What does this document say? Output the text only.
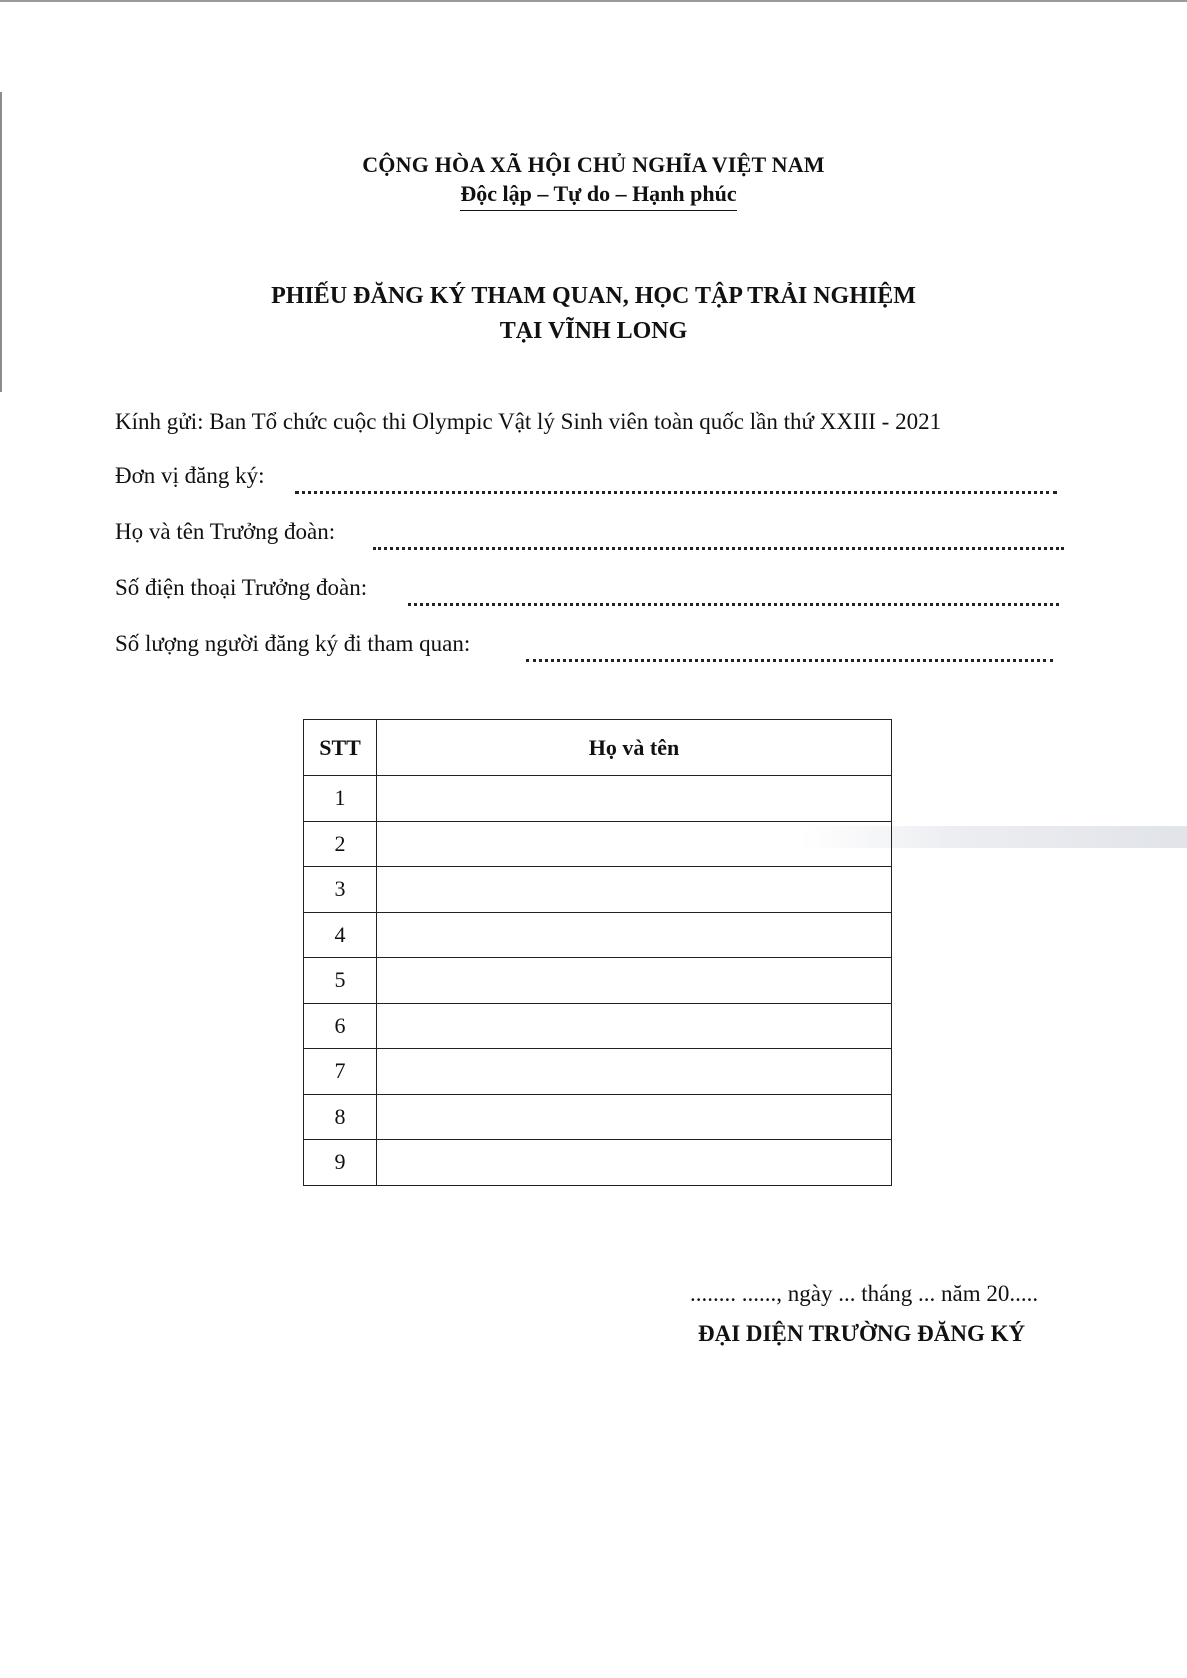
CỘNG HÒA XÃ HỘI CHỦ NGHĨA VIỆT NAM
Độc lập – Tự do – Hạnh phúc
PHIẾU ĐĂNG KÝ THAM QUAN, HỌC TẬP TRẢI NGHIỆM
TẠI VĨNH LONG
Kính gửi: Ban Tổ chức cuộc thi Olympic Vật lý Sinh viên toàn quốc lần thứ XXIII - 2021
Đơn vị đăng ký:
Họ và tên Trưởng đoàn:
Số điện thoại Trưởng đoàn:
Số lượng người đăng ký đi tham quan:
STT	Họ và tên
1	
2	
3	
4	
5	
6	
7	
8	
9	
........ ......, ngày ... tháng ... năm 20.....
ĐẠI DIỆN TRƯỜNG ĐĂNG KÝ
